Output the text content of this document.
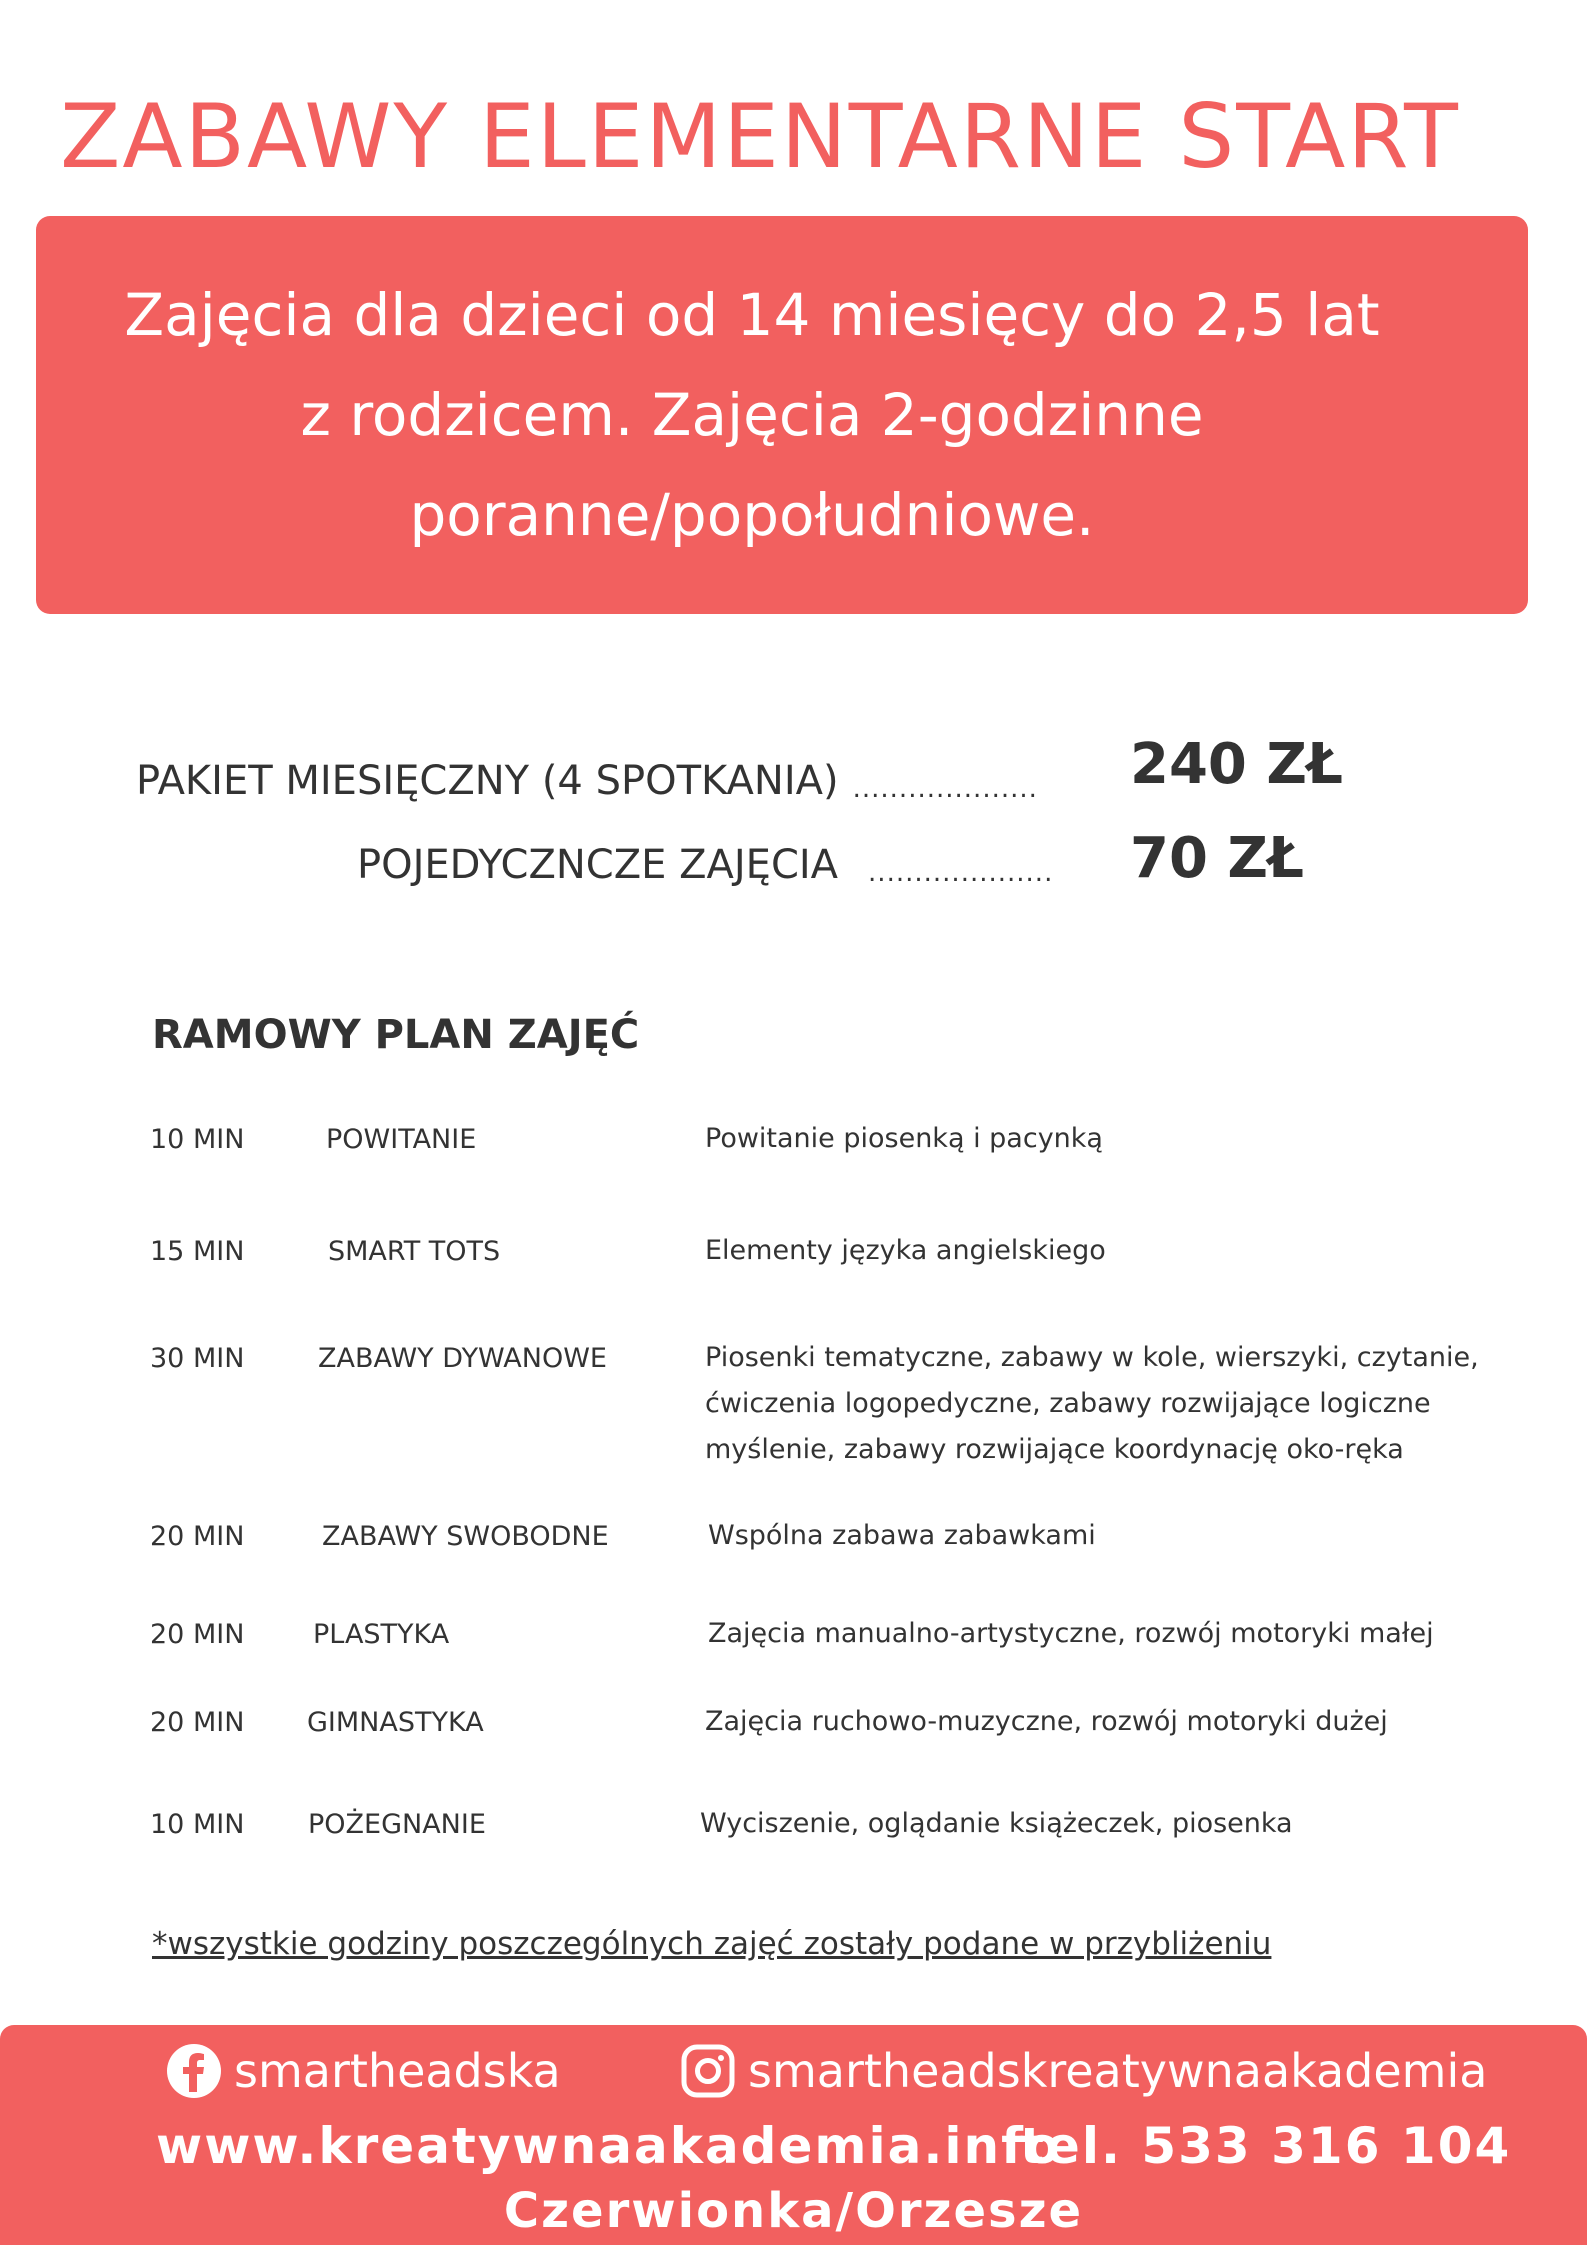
ZABAWY ELEMENTARNE START
Zajęcia dla dzieci od 14 miesięcy do 2,5 lat
z rodzicem. Zajęcia 2-godzinne
poranne/popołudniowe.
PAKIET MIESIĘCZNY (4 SPOTKANIA) .................... 240 ZŁ
POJEDYCZNCZE ZAJĘCIA .................... 70 ZŁ
RAMOWY PLAN ZAJĘĆ
10 MIN	POWITANIE	Powitanie piosenką i pacynką
15 MIN	SMART TOTS	Elementy języka angielskiego
30 MIN	ZABAWY DYWANOWE	Piosenki tematyczne, zabawy w kole, wierszyki, czytanie,
ćwiczenia logopedyczne, zabawy rozwijające logiczne
myślenie, zabawy rozwijające koordynację oko-ręka
20 MIN	ZABAWY SWOBODNE	Wspólna zabawa zabawkami
20 MIN	PLASTYKA	Zajęcia manualno-artystyczne, rozwój motoryki małej
20 MIN GIMNASTYKA	Zajęcia ruchowo-muzyczne, rozwój motoryki dużej
10 MIN POŻEGNANIE	Wyciszenie, oglądanie książeczek, piosenka
*wszystkie godziny poszczególnych zajęć zostały podane w przybliżeniu
smartheadska	smartheadskreatywnaakademia
www.kreatywnaakademia.info
tel. 533 316 104
Czerwionka/Orzesze
